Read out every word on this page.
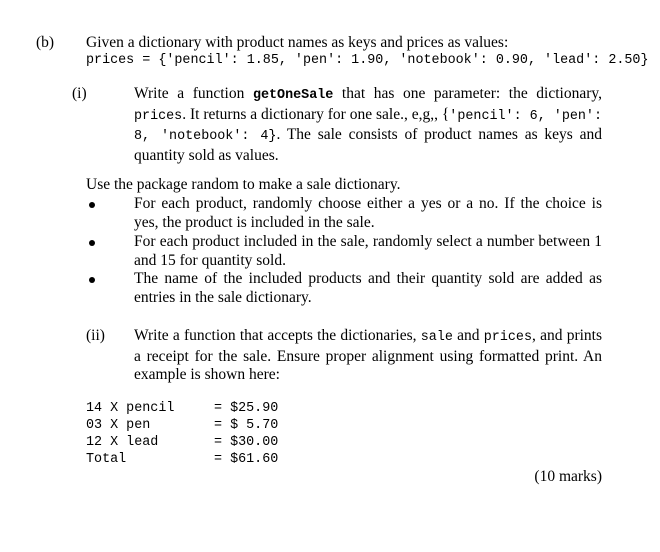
(b) Given a dictionary with product names as keys and prices as values:
prices = {'pencil': 1.85, 'pen': 1.90, 'notebook': 0.90, 'lead': 2.50}
(i)	Write a function getOneSale that has one parameter: the dictionary, prices. It returns a dictionary for one sale., e,g,, {'pencil': 6, 'pen': 8, 'notebook': 4}. The sale consists of product names as keys and quantity sold as values.

Use the package random to make a sale dictionary.

For each product, randomly choose either a yes or a no. If the choice is yes, the product is included in the sale.

For each product included in the sale, randomly select a number between 1 and 15 for quantity sold.

The name of the included products and their quantity sold are added as entries in the sale dictionary.

(ii) Write a function that accepts the dictionaries, sale and prices, and prints a receipt for the sale. Ensure proper alignment using formatted print. An example is shown here:

14 X pencil	= $25.90
03 X pen	= $ 5.70
12 X lead	= $30.00
Total	= $61.60
(10 marks)
